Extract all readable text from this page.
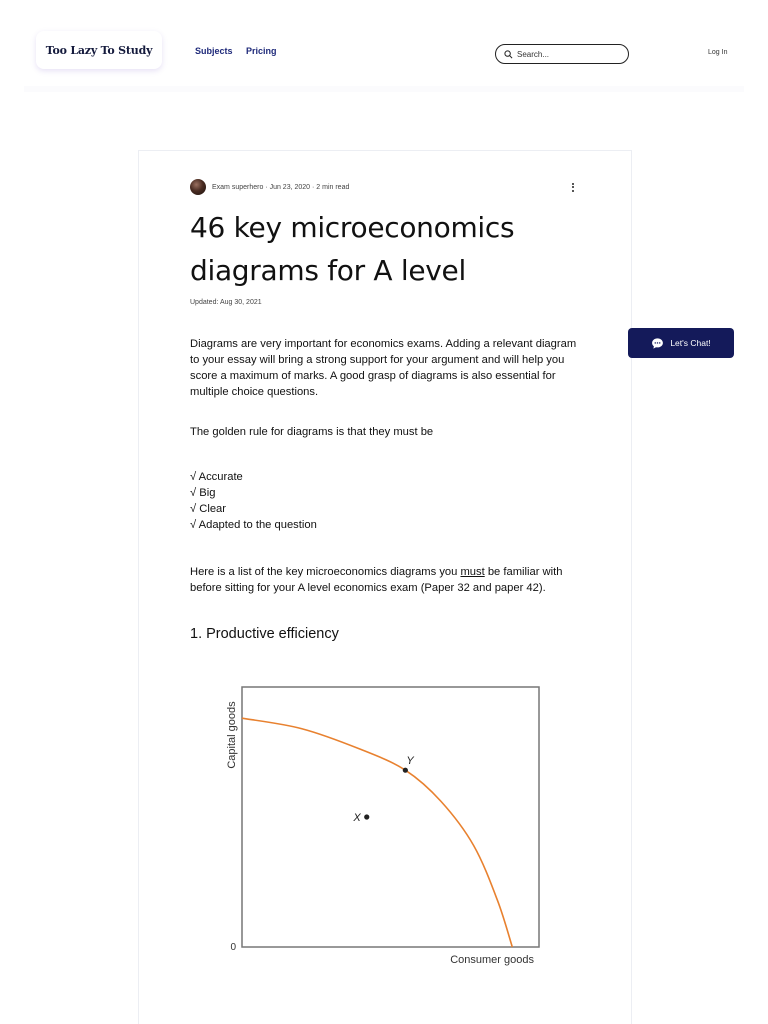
Too Lazy To Study	Subjects Pricing
Search...	Log In
Exam superhero · Jun 23, 2020 · 2 min read
46 key microeconomics diagrams for A level
Updated: Aug 30, 2021

Diagrams are very important for economics exams. Adding a relevant diagram to your essay will bring a strong support for your argument and will help you score a maximum of marks. A good grasp of diagrams is also essential for multiple choice questions.

The golden rule for diagrams is that they must be

√ Accurate
√ Big
√ Clear
√ Adapted to the question

Here is a list of the key microeconomics diagrams you must be familiar with before sitting for your A level economics exam (Paper 32 and paper 42).

1. Productive efficiency
Capital goods
Consumer goods
0
Y
X
Let's Chat!
